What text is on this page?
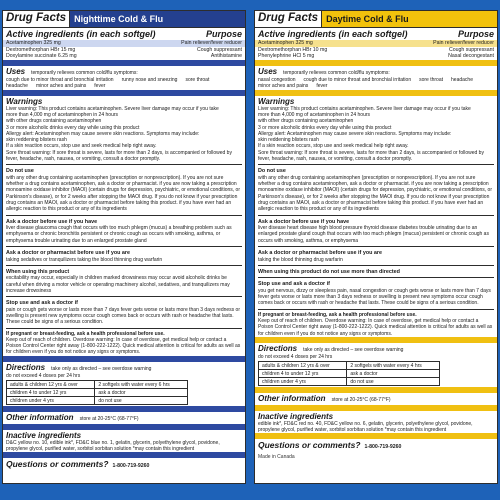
Drug Facts Nighttime Cold & Flu
Active ingredients (in each softgel)	Purpose
Acetaminophen 325 mg	Pain reliever/fever reducer
Dextromethorphan HBr 15 mg	Cough suppressant
Doxylamine succinate 6.25 mg	Antihistamine
Uses temporarily relieves common cold/flu symptoms:
cough due to minor throat and bronchial irritation runny nose and sneezing sore throat
headache minor aches and pains fever
Warnings
Liver warning: This product contains acetaminophen. Severe liver damage may occur if you take
more than 4,000 mg of acetaminophen in 24 hours
with other drugs containing acetaminophen
3 or more alcoholic drinks every day while using this product
Allergy alert: Acetaminophen may cause severe skin reactions. Symptoms may include:
skin reddening blisters rash
If a skin reaction occurs, stop use and seek medical help right away.
Sore throat warning: If sore throat is severe, lasts for more than 2 days, is accompanied or followed by fever, headache, rash, nausea, or vomiting, consult a doctor promptly.
Do not use
with any other drug containing acetaminophen (prescription or nonprescription). If you are not sure whether a drug contains acetaminophen, ask a doctor or pharmacist. if you are now taking a prescription monoamine oxidase inhibitor (MAOI) (certain drugs for depression, psychiatric, or emotional conditions, or Parkinson's disease), or for 2 weeks after stopping the MAOI drug. If you do not know if your prescription drug contains an MAOI, ask a doctor or pharmacist before taking this product. if you have ever had an allergic reaction to this product or any of its ingredients
Ask a doctor before use if you have
liver disease glaucoma cough that occurs with too much phlegm (mucus) a breathing problem such as emphysema or chronic bronchitis persistent or chronic cough as occurs with smoking, asthma, or emphysema trouble urinating due to an enlarged prostate gland
Ask a doctor or pharmacist before use if you are
taking sedatives or tranquilizers taking the blood thinning drug warfarin
When using this product
excitability may occur, especially in children marked drowsiness may occur avoid alcoholic drinks be careful when driving a motor vehicle or operating machinery alcohol, sedatives, and tranquilizers may increase drowsiness
Stop use and ask a doctor if
pain or cough gets worse or lasts more than 7 days fever gets worse or lasts more than 3 days redness or swelling is present new symptoms occur cough comes back or occurs with rash or headache that lasts. These could be signs of a serious condition.
If pregnant or breast-feeding, ask a health professional before use.
Keep out of reach of children. Overdose warning: In case of overdose, get medical help or contact a Poison Control Center right away (1-800-222-1222). Quick medical attention is critical for adults as well as for children even if you do not notice any signs or symptoms.
Directions take only as directed – see overdose warning
do not exceed 4 doses per 24 hrs
adults & children 12 yrs & over	2 softgels with water every 6 hrs
children 4 to under 12 yrs	ask a doctor
children under 4 yrs	do not use
Other information store at 20-25°C (68-77°F)
Inactive ingredients
D&C yellow no. 10, edible ink*, FD&C blue no. 1, gelatin, glycerin, polyethylene glycol, povidone, propylene glycol, purified water, sorbitol sorbitan solution *may contain this ingredient
Questions or comments? 1-800-719-9260
Drug Facts Daytime Cold & Flu
Active ingredients (in each softgel)	Purpose
Acetaminophen 325 mg	Pain reliever/fever reducer
Dextromethorphan HBr 10 mg	Cough suppressant
Phenylephrine HCl 5 mg	Nasal decongestant
Uses temporarily relieves common cold/flu symptoms:
nasal congestion cough due to minor throat and bronchial irritation sore throat headache
minor aches and pains fever
Warnings
Liver warning: This product contains acetaminophen. Severe liver damage may occur if you take
more than 4,000 mg of acetaminophen in 24 hours
with other drugs containing acetaminophen
3 or more alcoholic drinks every day while using this product
Allergy alert: Acetaminophen may cause severe skin reactions. Symptoms may include:
skin reddening blisters rash
If a skin reaction occurs, stop use and seek medical help right away.
Sore throat warning: If sore throat is severe, lasts for more than 2 days, is accompanied or followed by fever, headache, rash, nausea, or vomiting, consult a doctor promptly.
Do not use
with any other drug containing acetaminophen (prescription or nonprescription). If you are not sure whether a drug contains acetaminophen, ask a doctor or pharmacist. if you are now taking a prescription monoamine oxidase inhibitor (MAOI) (certain drugs for depression, psychiatric, or emotional conditions, or Parkinson's disease), or for 2 weeks after stopping the MAOI drug. If you do not know if your prescription drug contains an MAOI, ask a doctor or pharmacist before taking this product. if you have ever had an allergic reaction to this product or any of its ingredients
Ask a doctor before use if you have
liver disease heart disease high blood pressure thyroid disease diabetes trouble urinating due to an enlarged prostate gland cough that occurs with too much phlegm (mucus) persistent or chronic cough as occurs with smoking, asthma, or emphysema
Ask a doctor or pharmacist before use if you are
taking the blood thinning drug warfarin
When using this product do not use more than directed
Stop use and ask a doctor if
you get nervous, dizzy or sleepless pain, nasal congestion or cough gets worse or lasts more than 7 days fever gets worse or lasts more than 3 days redness or swelling is present new symptoms occur cough comes back or occurs with rash or headache that lasts. These could be signs of a serious condition.
If pregnant or breast-feeding, ask a health professional before use.
Keep out of reach of children. Overdose warning: In case of overdose, get medical help or contact a Poison Control Center right away (1-800-222-1222). Quick medical attention is critical for adults as well as for children even if you do not notice any signs or symptoms.
Directions take only as directed – see overdose warning
do not exceed 4 doses per 24 hrs
adults & children 12 yrs & over	2 softgels with water every 4 hrs
children 4 to under 12 yrs	ask a doctor
children under 4 yrs	do not use
Other information store at 20-25°C (68-77°F)
Inactive ingredients
edible ink*, FD&C red no. 40, FD&C yellow no. 6, gelatin, glycerin, polyethylene glycol, povidone, propylene glycol, purified water, sorbitol sorbitan solution *may contain this ingredient
Questions or comments? 1-800-719-9260
Made in Canada
